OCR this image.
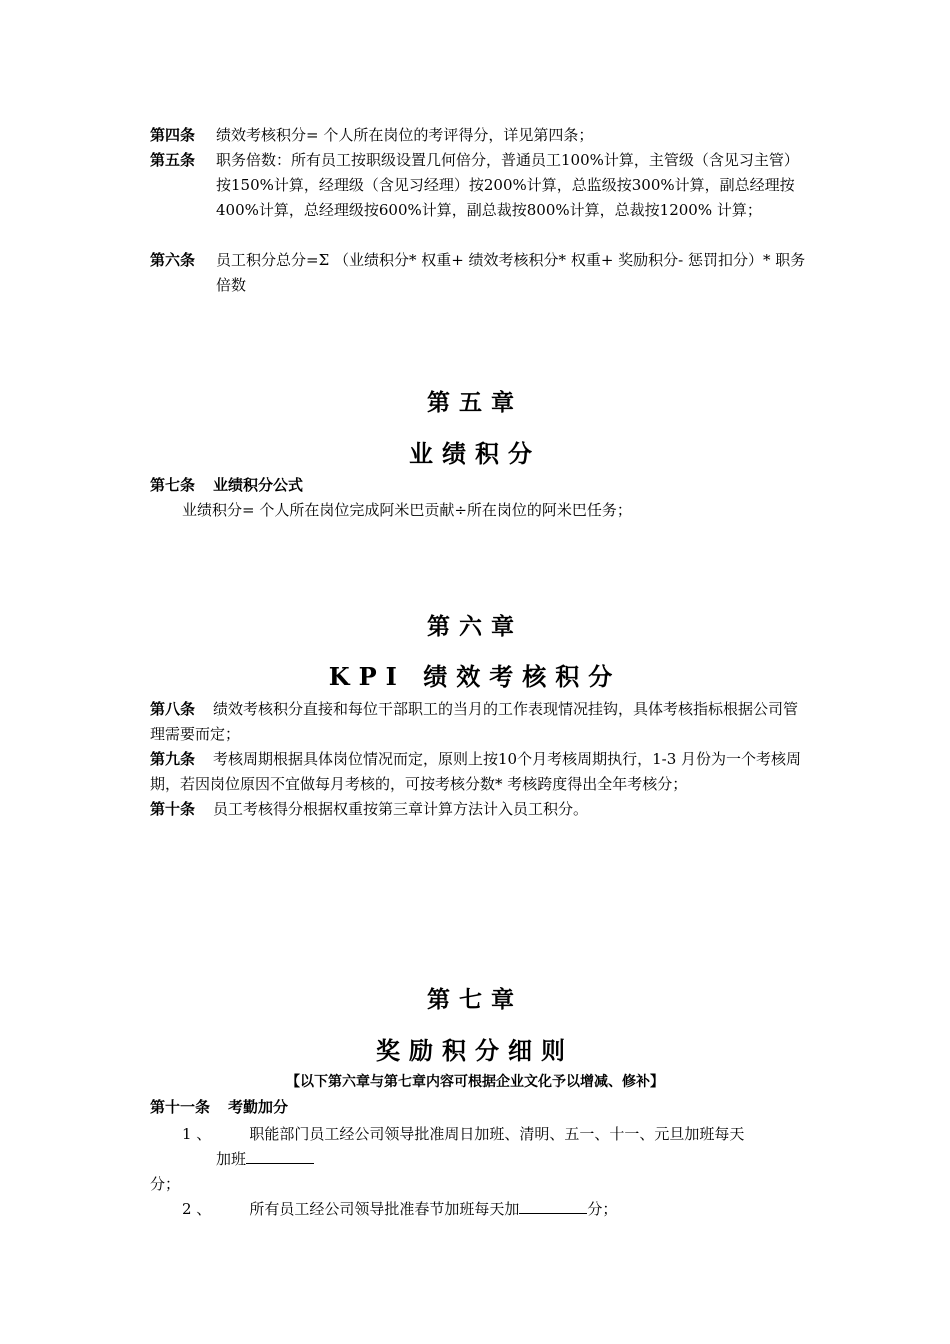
第四条 绩效考核积分= 个人所在岗位的考评得分，详见第四条；
第五条 职务倍数：所有员工按职级设置几何倍分，普通员工100%计算，主管级（含见习主管）按150%计算，经理级（含见习经理）按200%计算，总监级按300%计算，副总经理按400%计算，总经理级按600%计算，副总裁按800%计算，总裁按1200% 计算；
第六条 员工积分总分=Σ （业绩积分* 权重+ 绩效考核积分* 权重+ 奖励积分- 惩罚扣分）* 职务倍数
第五章
业绩积分
第七条 业绩积分公式
业绩积分= 个人所在岗位完成阿米巴贡献÷所在岗位的阿米巴任务；
第六章
KPI 绩效考核积分
第八条 绩效考核积分直接和每位干部职工的当月的工作表现情况挂钩，具体考核指标根据公司管理需要而定；
第九条 考核周期根据具体岗位情况而定，原则上按10个月考核周期执行，1-3 月份为一个考核周期，若因岗位原因不宜做每月考核的，可按考核分数* 考核跨度得出全年考核分；
第十条 员工考核得分根据权重按第三章计算方法计入员工积分。
第七章
奖励积分细则
【以下第六章与第七章内容可根据企业文化予以增减、修补】
第十一条 考勤加分
1 、	职能部门员工经公司领导批准周日加班、清明、五一、十一、元旦加班每天
加班
分；
2 、	所有员工经公司领导批准春节加班每天加	分；
